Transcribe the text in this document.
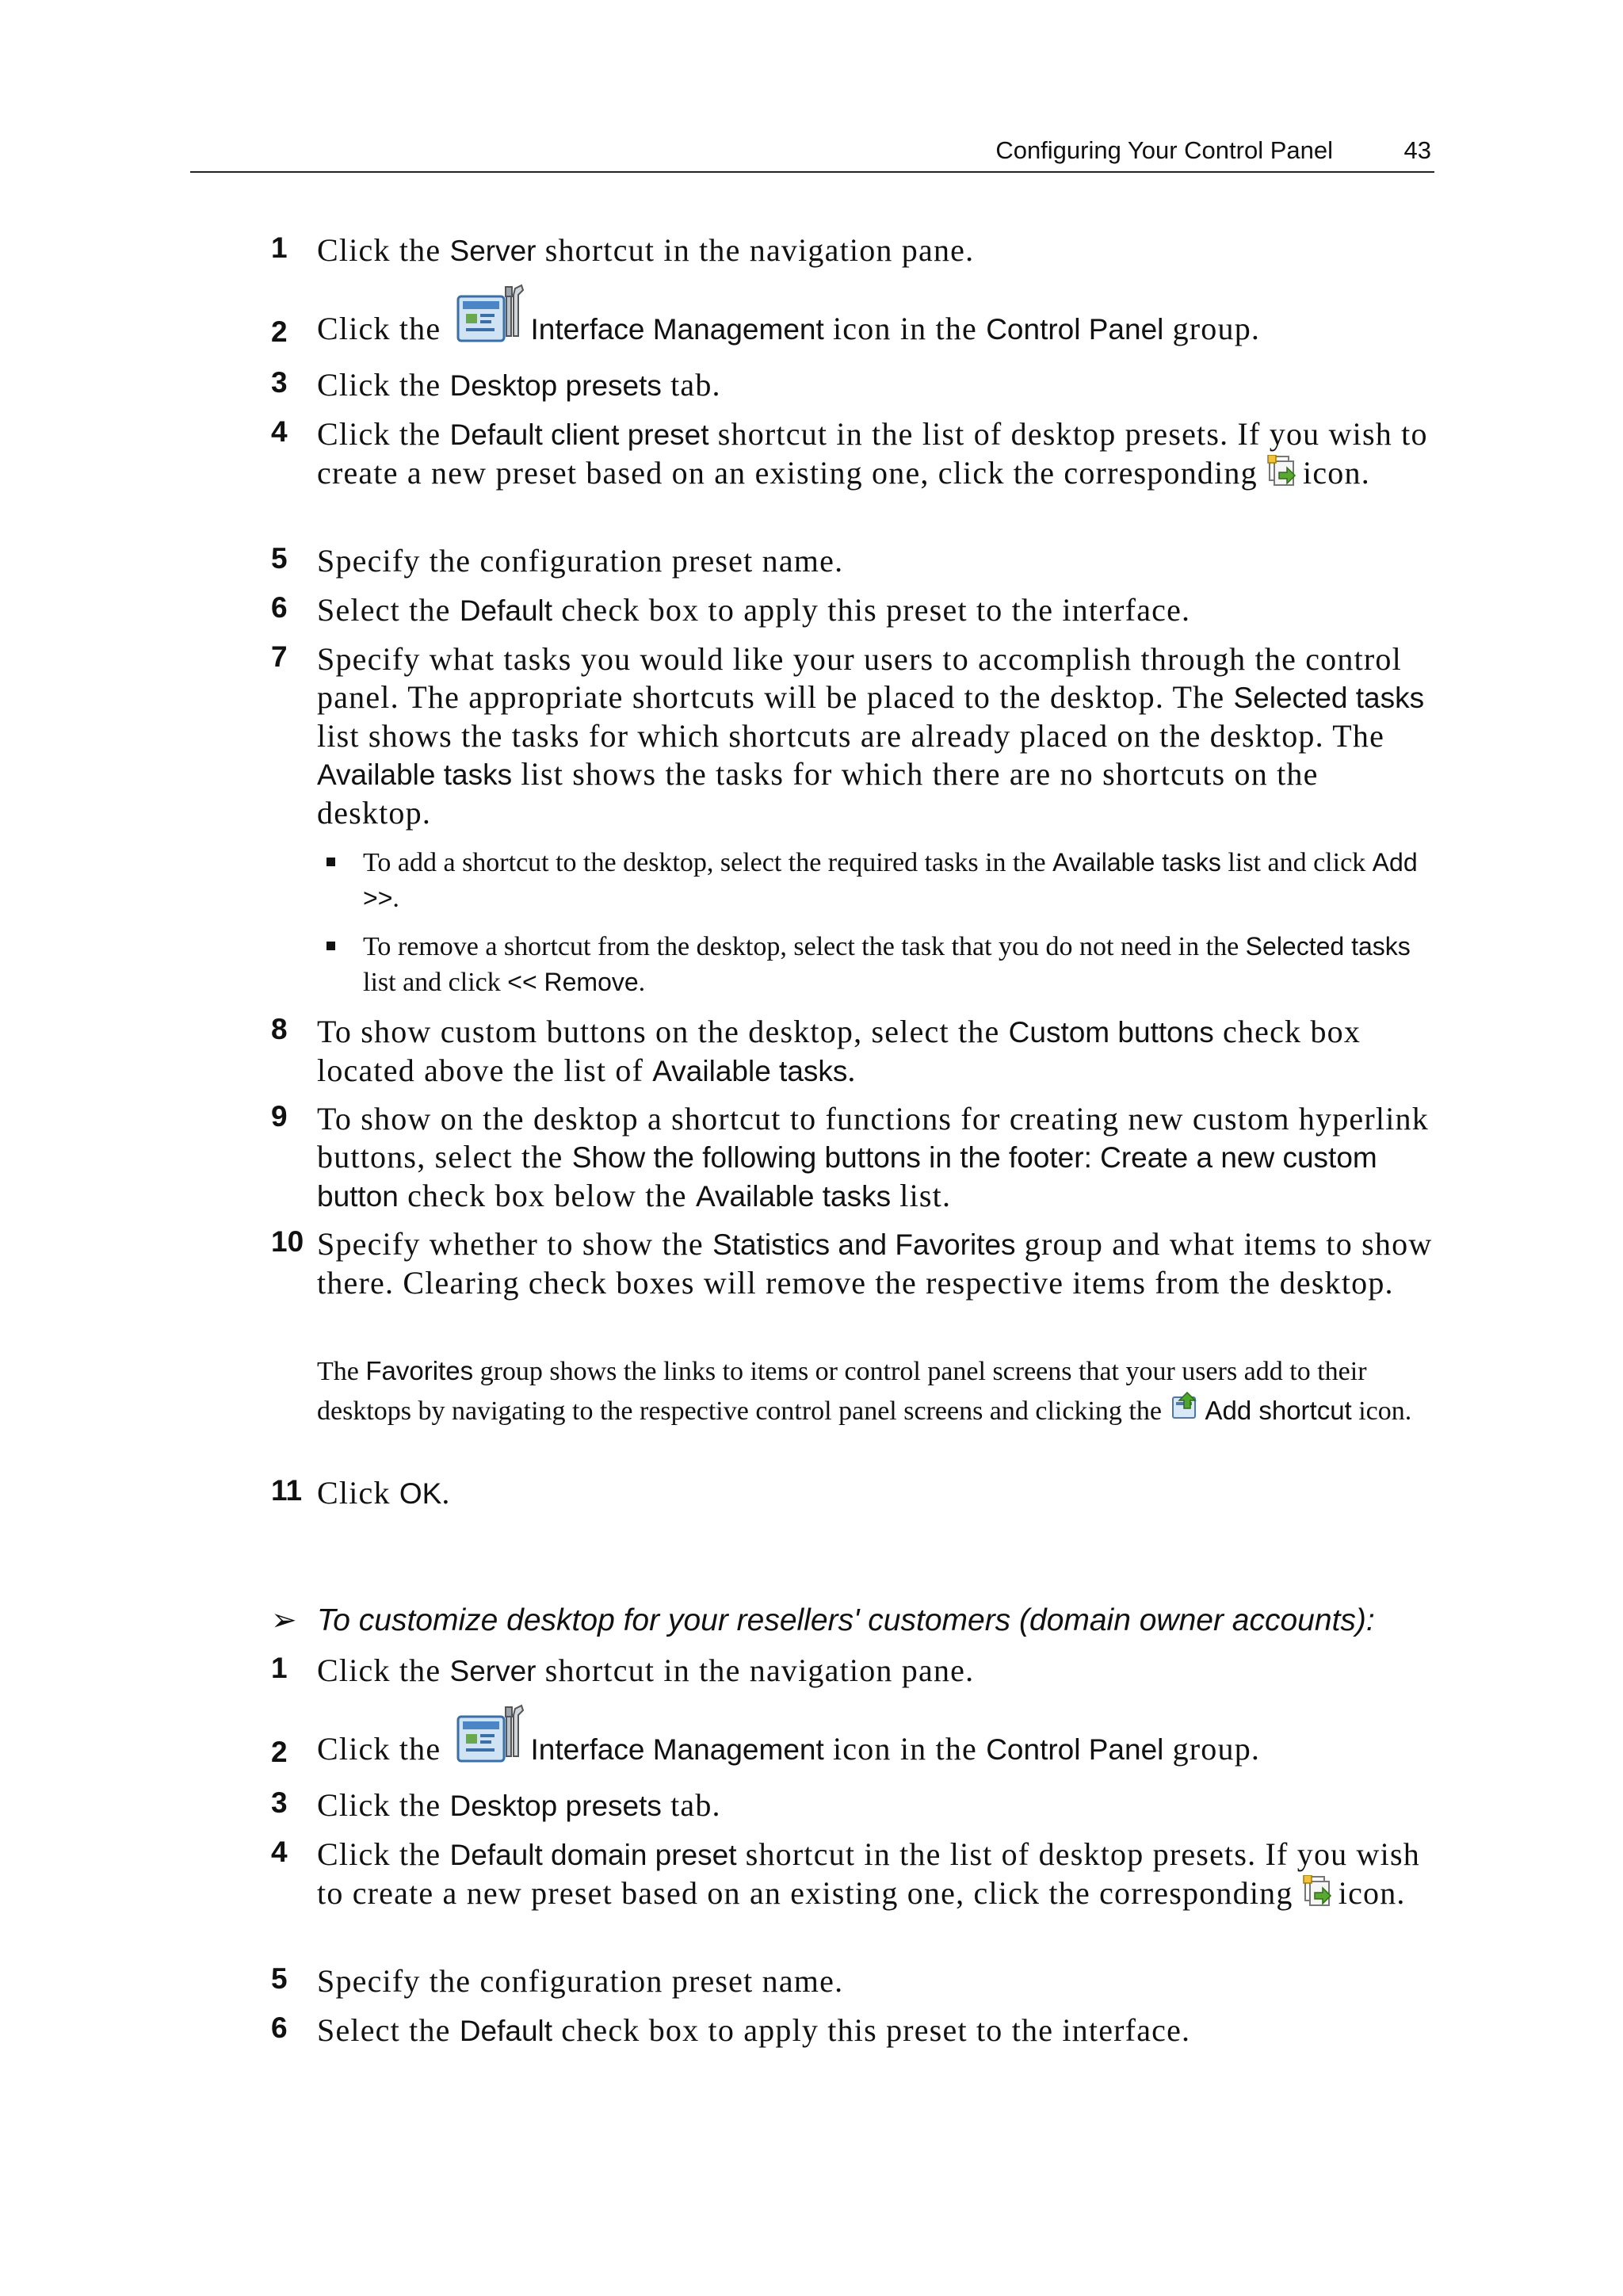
Configuring Your Control Panel	43
1 Click the Server shortcut in the navigation pane.
2 Click the	Interface Management icon in the Control Panel group.
3 Click the Desktop presets tab.
4 Click the Default client preset shortcut in the list of desktop presets. If you wish to create a new preset based on an existing one, click the corresponding icon.
5 Specify the configuration preset name.
6 Select the Default check box to apply this preset to the interface.
7 Specify what tasks you would like your users to accomplish through the control panel. The appropriate shortcuts will be placed to the desktop. The Selected tasks list shows the tasks for which shortcuts are already placed on the desktop. The Available tasks list shows the tasks for which there are no shortcuts on the desktop.
To add a shortcut to the desktop, select the required tasks in the Available tasks list and click Add >>.
To remove a shortcut from the desktop, select the task that you do not need in the Selected tasks list and click << Remove.
8 To show custom buttons on the desktop, select the Custom buttons check box located above the list of Available tasks.
9 To show on the desktop a shortcut to functions for creating new custom hyperlink buttons, select the Show the following buttons in the footer: Create a new custom button check box below the Available tasks list.
10 Specify whether to show the Statistics and Favorites group and what items to show there. Clearing check boxes will remove the respective items from the desktop.
The Favorites group shows the links to items or control panel screens that your users add to their desktops by navigating to the respective control panel screens and clicking the Add shortcut icon.
11 Click OK.
➢ To customize desktop for your resellers' customers (domain owner accounts):
1 Click the Server shortcut in the navigation pane.
2 Click the	Interface Management icon in the Control Panel group.
3 Click the Desktop presets tab.
4 Click the Default domain preset shortcut in the list of desktop presets. If you wish to create a new preset based on an existing one, click the corresponding icon.
5 Specify the configuration preset name.
6 Select the Default check box to apply this preset to the interface.
